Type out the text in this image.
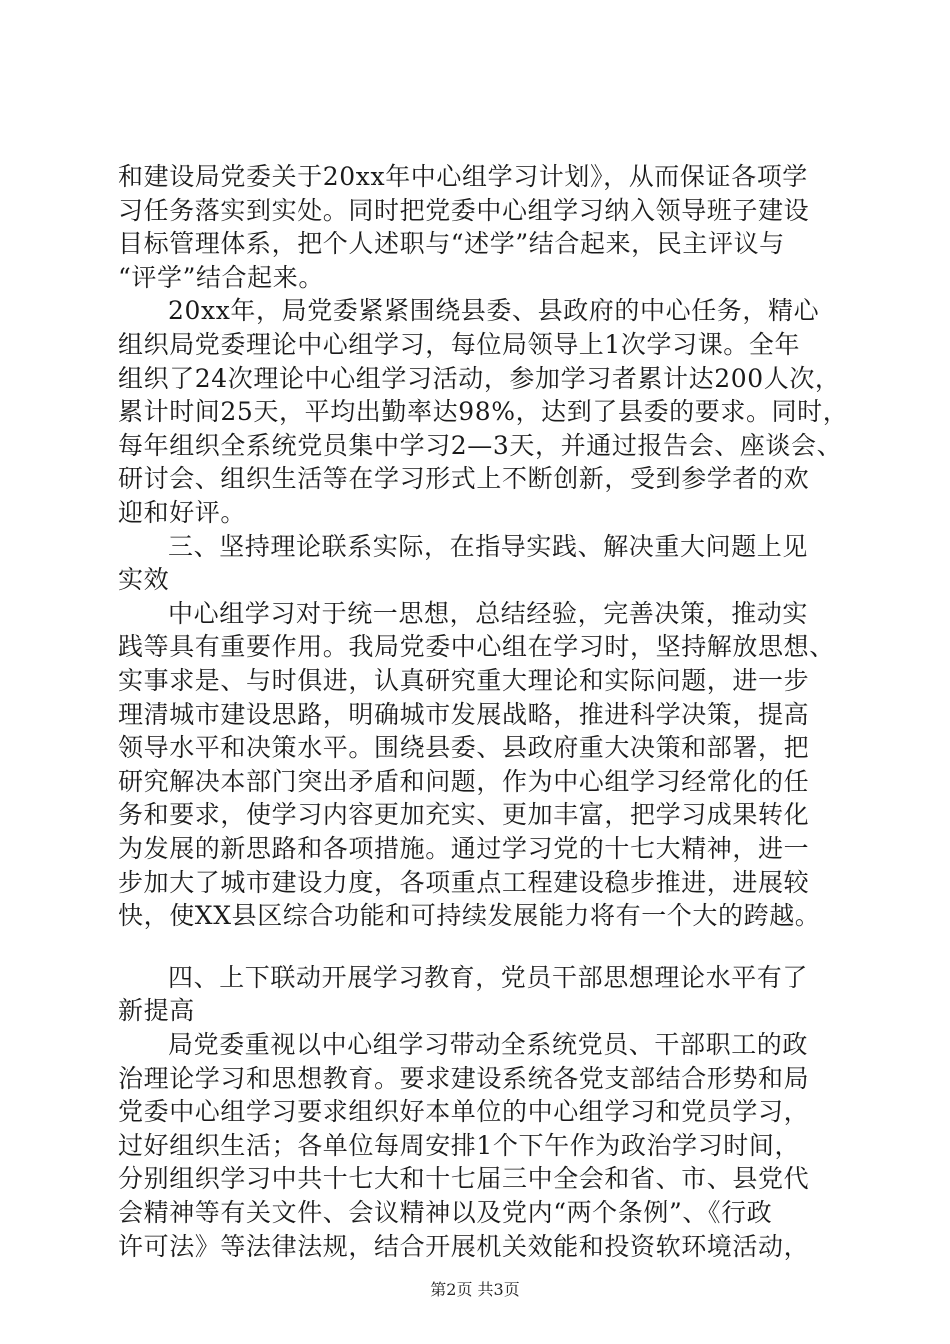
和建设局党委关于20xx年中心组学习计划》，从而保证各项学
习任务落实到实处。同时把党委中心组学习纳入领导班子建设
目标管理体系，把个人述职与“述学”结合起来，民主评议与
“评学”结合起来。
20xx年，局党委紧紧围绕县委、县政府的中心任务，精心
组织局党委理论中心组学习，每位局领导上1次学习课。全年
组织了24次理论中心组学习活动，参加学习者累计达200人次，
累计时间25天，平均出勤率达98%，达到了县委的要求。同时，
每年组织全系统党员集中学习2—3天，并通过报告会、座谈会、
研讨会、组织生活等在学习形式上不断创新，受到参学者的欢
迎和好评。
三、坚持理论联系实际，在指导实践、解决重大问题上见
实效
中心组学习对于统一思想，总结经验，完善决策，推动实
践等具有重要作用。我局党委中心组在学习时，坚持解放思想、
实事求是、与时俱进，认真研究重大理论和实际问题，进一步
理清城市建设思路，明确城市发展战略，推进科学决策，提高
领导水平和决策水平。围绕县委、县政府重大决策和部署，把
研究解决本部门突出矛盾和问题，作为中心组学习经常化的任
务和要求，使学习内容更加充实、更加丰富，把学习成果转化
为发展的新思路和各项措施。通过学习党的十七大精神，进一
步加大了城市建设力度，各项重点工程建设稳步推进，进展较
快，使XX县区综合功能和可持续发展能力将有一个大的跨越。
四、上下联动开展学习教育，党员干部思想理论水平有了
新提高
局党委重视以中心组学习带动全系统党员、干部职工的政
治理论学习和思想教育。要求建设系统各党支部结合形势和局
党委中心组学习要求组织好本单位的中心组学习和党员学习，
过好组织生活；各单位每周安排1个下午作为政治学习时间，
分别组织学习中共十七大和十七届三中全会和省、市、县党代
会精神等有关文件、会议精神以及党内“两个条例”、《行政
许可法》等法律法规，结合开展机关效能和投资软环境活动，
第2页 共3页
